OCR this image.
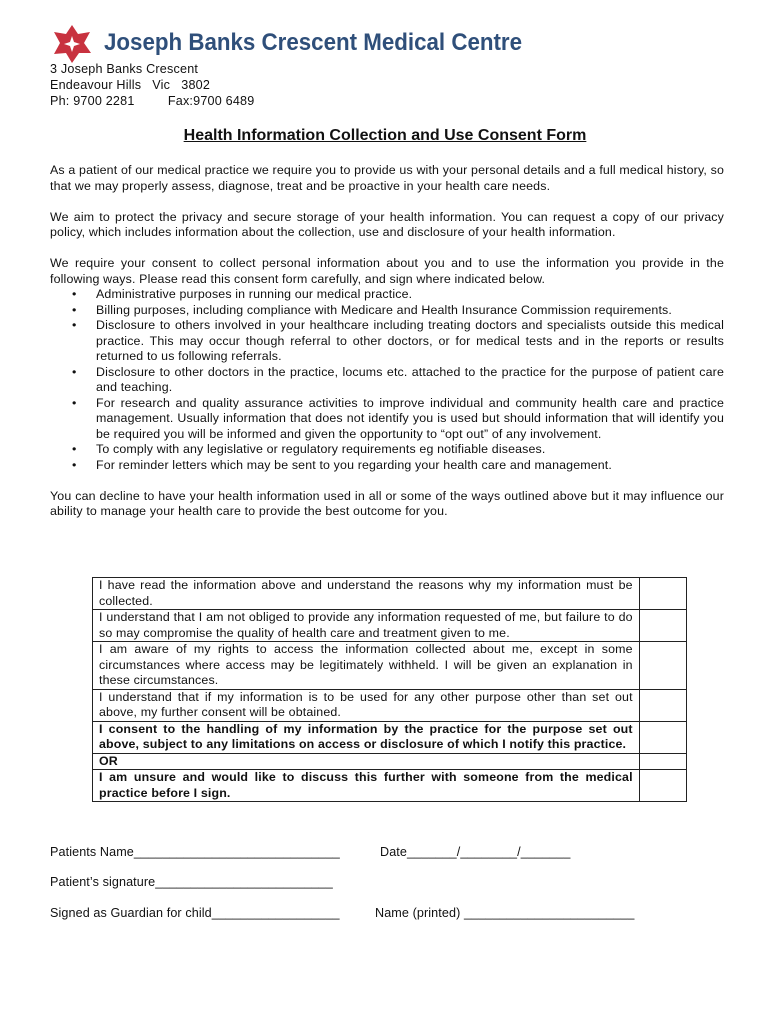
Joseph Banks Crescent Medical Centre
3 Joseph Banks Crescent
Endeavour Hills   Vic   3802
Ph: 9700 2281	Fax:9700 6489
Health Information Collection and Use Consent Form

As a patient of our medical practice we require you to provide us with your personal details and a full medical history, so that we may properly assess, diagnose, treat and be proactive in your health care needs.

We aim to protect the privacy and secure storage of your health information. You can request a copy of our privacy policy, which includes information about the collection, use and disclosure of your health information.

We require your consent to collect personal information about you and to use the information you provide in the following ways. Please read this consent form carefully, and sign where indicated below.

• Administrative purposes in running our medical practice.
• Billing purposes, including compliance with Medicare and Health Insurance Commission requirements.
• Disclosure to others involved in your healthcare including treating doctors and specialists outside this medical practice. This may occur though referral to other doctors, or for medical tests and in the reports or results returned to us following referrals.
• Disclosure to other doctors in the practice, locums etc. attached to the practice for the purpose of patient care and teaching.
• For research and quality assurance activities to improve individual and community health care and practice management. Usually information that does not identify you is used but should information that will identify you be required you will be informed and given the opportunity to “opt out” of any involvement.
• To comply with any legislative or regulatory requirements eg notifiable diseases.
• For reminder letters which may be sent to you regarding your health care and management.

You can decline to have your health information used in all or some of the ways outlined above but it may influence our ability to manage your health care to provide the best outcome for you.

I have read the information above and understand the reasons why my information must be collected.	
I understand that I am not obliged to provide any information requested of me, but failure to do so may compromise the quality of health care and treatment given to me.	
I am aware of my rights to access the information collected about me, except in some circumstances where access may be legitimately withheld. I will be given an explanation in these circumstances.	
I understand that if my information is to be used for any other purpose other than set out above, my further consent will be obtained.	
I consent to the handling of my information by the practice for the purpose set out above, subject to any limitations on access or disclosure of which I notify this practice.	
OR	
I am unsure and would like to discuss this further with someone from the medical practice before I sign.	
Patients Name_____________________________	Date_______/________/_______
Patient’s signature_________________________
Signed as Guardian for child__________________	Name (printed) ________________________
